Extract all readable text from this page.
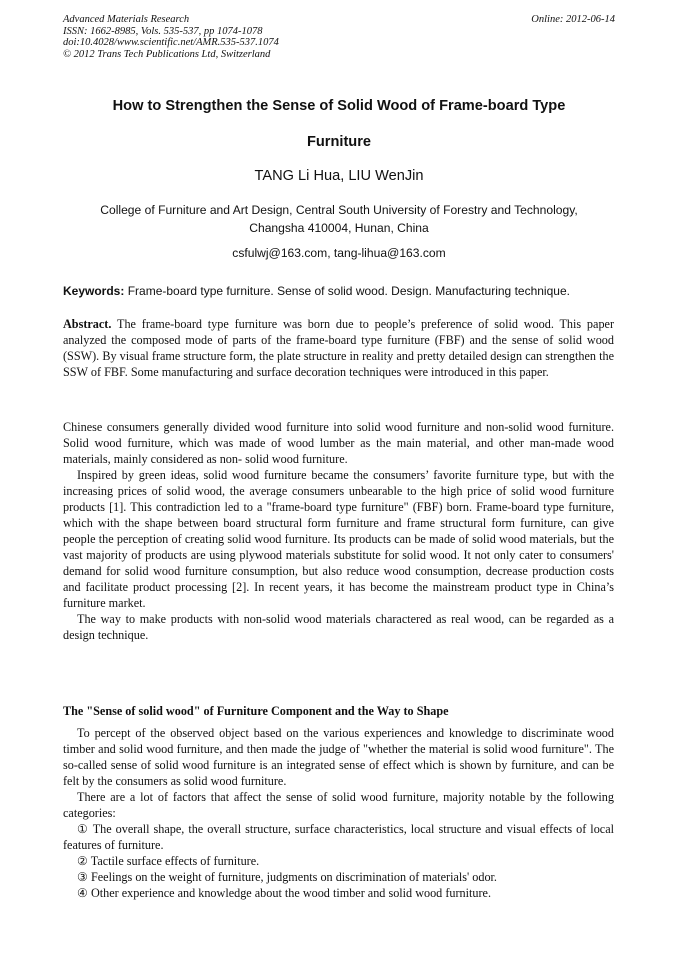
Advanced Materials Research
ISSN: 1662-8985, Vols. 535-537, pp 1074-1078
doi:10.4028/www.scientific.net/AMR.535-537.1074
© 2012 Trans Tech Publications Ltd, Switzerland
Online: 2012-06-14
How to Strengthen the Sense of Solid Wood of Frame-board Type
Furniture
TANG Li Hua, LIU WenJin
College of Furniture and Art Design, Central South University of Forestry and Technology,
Changsha 410004, Hunan, China
csfulwj@163.com, tang-lihua@163.com
Keywords: Frame-board type furniture. Sense of solid wood. Design. Manufacturing technique.

Abstract. The frame-board type furniture was born due to people’s preference of solid wood. This paper analyzed the composed mode of parts of the frame-board type furniture (FBF) and the sense of solid wood (SSW). By visual frame structure form, the plate structure in reality and pretty detailed design can strengthen the SSW of FBF. Some manufacturing and surface decoration techniques were introduced in this paper.

Chinese consumers generally divided wood furniture into solid wood furniture and non-solid wood furniture. Solid wood furniture, which was made of wood lumber as the main material, and other man-made wood materials, mainly considered as non- solid wood furniture.

Inspired by green ideas, solid wood furniture became the consumers’ favorite furniture type, but with the increasing prices of solid wood, the average consumers unbearable to the high price of solid wood furniture products [1]. This contradiction led to a "frame-board type furniture" (FBF) born. Frame-board type furniture, which with the shape between board structural form furniture and frame structural form furniture, can give people the perception of creating solid wood furniture. Its products can be made of solid wood materials, but the vast majority of products are using plywood materials substitute for solid wood. It not only cater to consumers' demand for solid wood furniture consumption, but also reduce wood consumption, decrease production costs and facilitate product processing [2]. In recent years, it has become the mainstream product type in China’s furniture market.

The way to make products with non-solid wood materials charactered as real wood, can be regarded as a design technique.

The "Sense of solid wood" of Furniture Component and the Way to Shape

To percept of the observed object based on the various experiences and knowledge to discriminate wood timber and solid wood furniture, and then made the judge of "whether the material is solid wood furniture". The so-called sense of solid wood furniture is an integrated sense of effect which is shown by furniture, and can be felt by the consumers as solid wood furniture.

There are a lot of factors that affect the sense of solid wood furniture, majority notable by the following categories:

① The overall shape, the overall structure, surface characteristics, local structure and visual effects of local features of furniture.

② Tactile surface effects of furniture.

③ Feelings on the weight of furniture, judgments on discrimination of materials' odor.

④ Other experience and knowledge about the wood timber and solid wood furniture.
